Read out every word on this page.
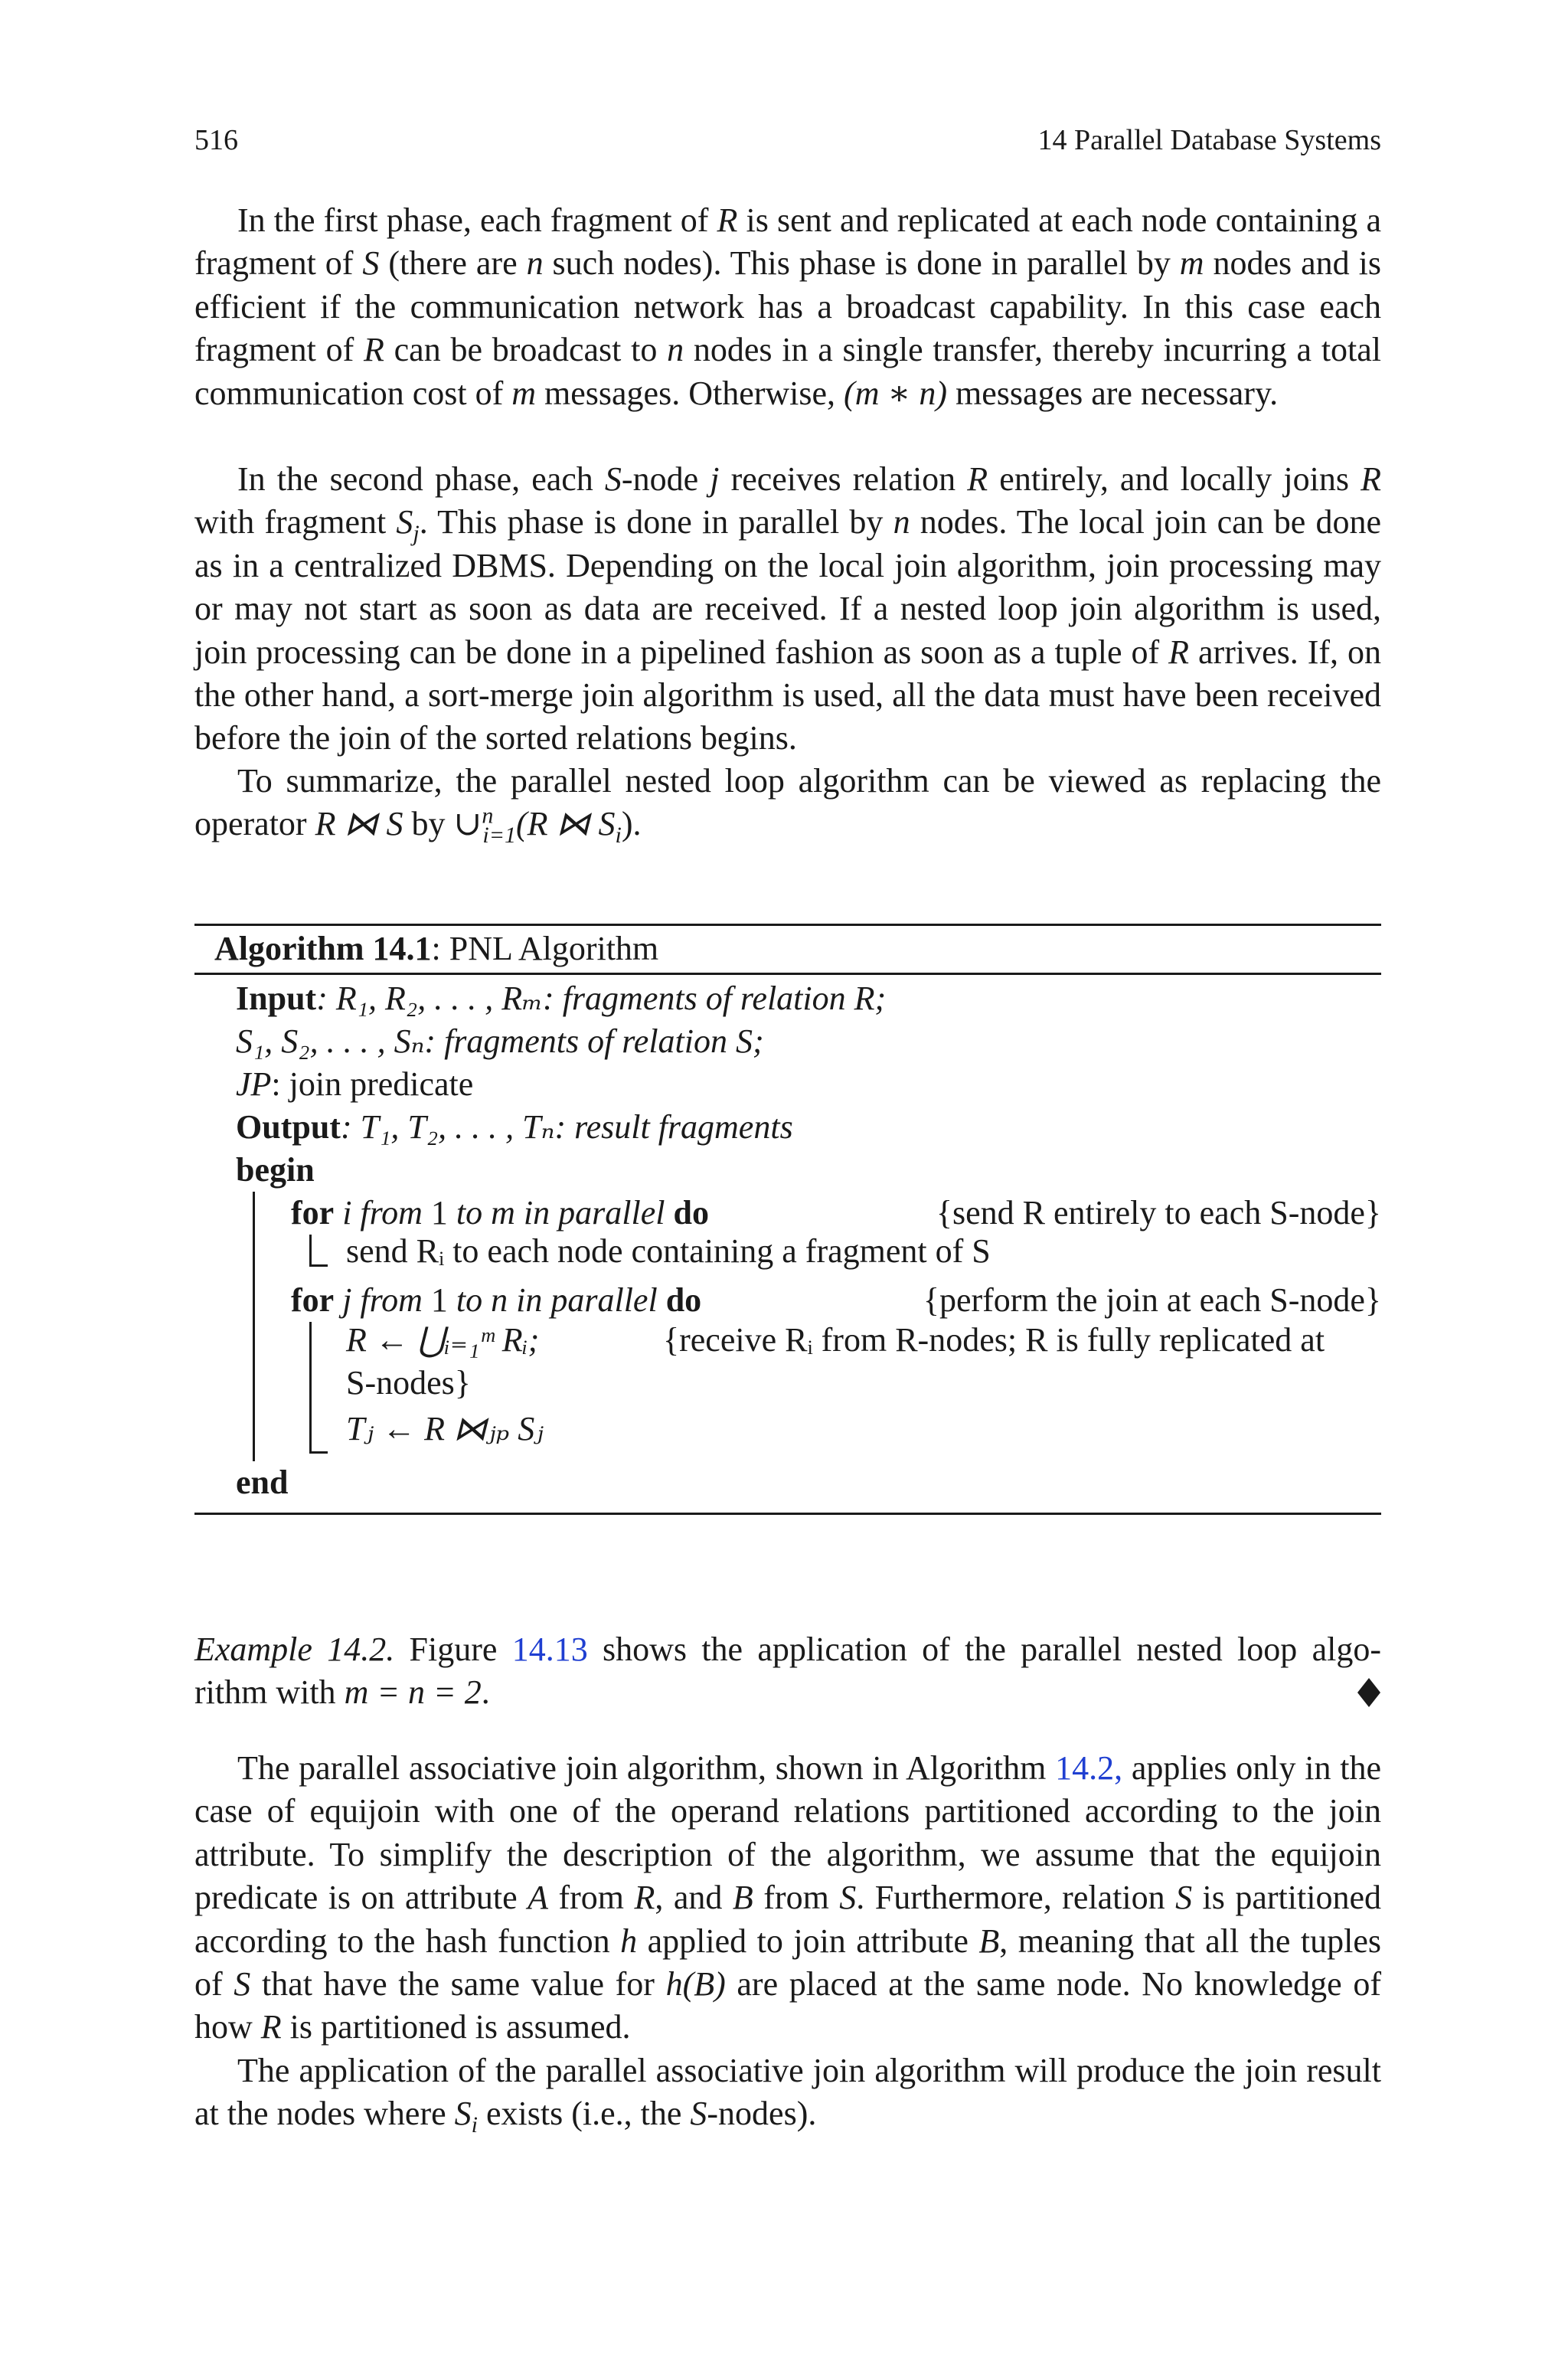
516	14 Parallel Database Systems

In the first phase, each fragment of R is sent and replicated at each node containing a fragment of S (there are n such nodes). This phase is done in parallel by m nodes and is efficient if the communication network has a broadcast capability. In this case each fragment of R can be broadcast to n nodes in a single transfer, thereby incurring a total communication cost of m messages. Otherwise, (m ∗ n) messages are necessary.

In the second phase, each S-node j receives relation R entirely, and locally joins R with fragment $S_j$. This phase is done in parallel by n nodes. The local join can be done as in a centralized DBMS. Depending on the local join algorithm, join processing may or may not start as soon as data are received. If a nested loop join algorithm is used, join processing can be done in a pipelined fashion as soon as a tuple of R arrives. If, on the other hand, a sort-merge join algorithm is used, all the data must have been received before the join of the sorted relations begins.

To summarize, the parallel nested loop algorithm can be viewed as replacing the operator R ⋈ S by ∪$^n_{i=1}$(R ⋈ $S_i$).

Algorithm 14.1: PNL Algorithm
Input: R₁, R₂, . . . , Rₘ: fragments of relation R;
S₁, S₂, . . . , Sₙ: fragments of relation S;
JP: join predicate
Output: T₁, T₂, . . . , Tₙ: result fragments
begin
for i from 1 to m in parallel do	{send R entirely to each S-node}
send Rᵢ to each node containing a fragment of S
for j from 1 to n in parallel do	{perform the join at each S-node}
R ← ⋃ᵢ₌₁ᵐ Rᵢ;	{receive Rᵢ from R-nodes; R is fully replicated at
S-nodes}
Tⱼ ← R ⋈ⱼₚ Sⱼ
end
Example 14.2. Figure 14.13 shows the application of the parallel nested loop algo-
rithm with m = n = 2.

The parallel associative join algorithm, shown in Algorithm 14.2, applies only in the case of equijoin with one of the operand relations partitioned according to the join attribute. To simplify the description of the algorithm, we assume that the equijoin predicate is on attribute A from R, and B from S. Furthermore, relation S is partitioned according to the hash function h applied to join attribute B, meaning that all the tuples of S that have the same value for h(B) are placed at the same node. No knowledge of how R is partitioned is assumed.

The application of the parallel associative join algorithm will produce the join result at the nodes where $S_i$ exists (i.e., the S-nodes).
